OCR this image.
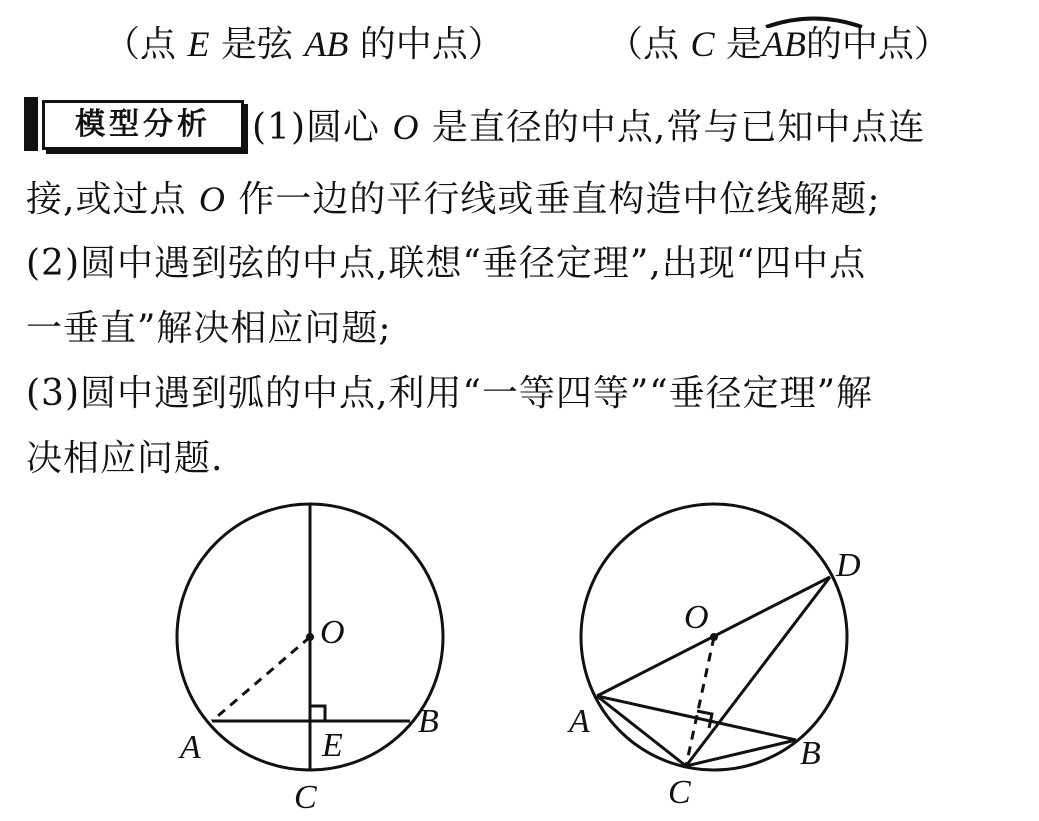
（点 E 是弦 AB 的中点）	（点 C 是
AB的中点）
模型分析	(1)圆心 O 是直径的中点,常与已知中点连
接,或过点 O 作一边的平行线或垂直构造中位线解题;
(2)圆中遇到弦的中点,联想“垂径定理”,出现“四中点
一垂直”解决相应问题;
(3)圆中遇到弧的中点,利用“一等四等”“垂径定理”解
决相应问题.
O
A
B
E
C
O
D
A
B
C
